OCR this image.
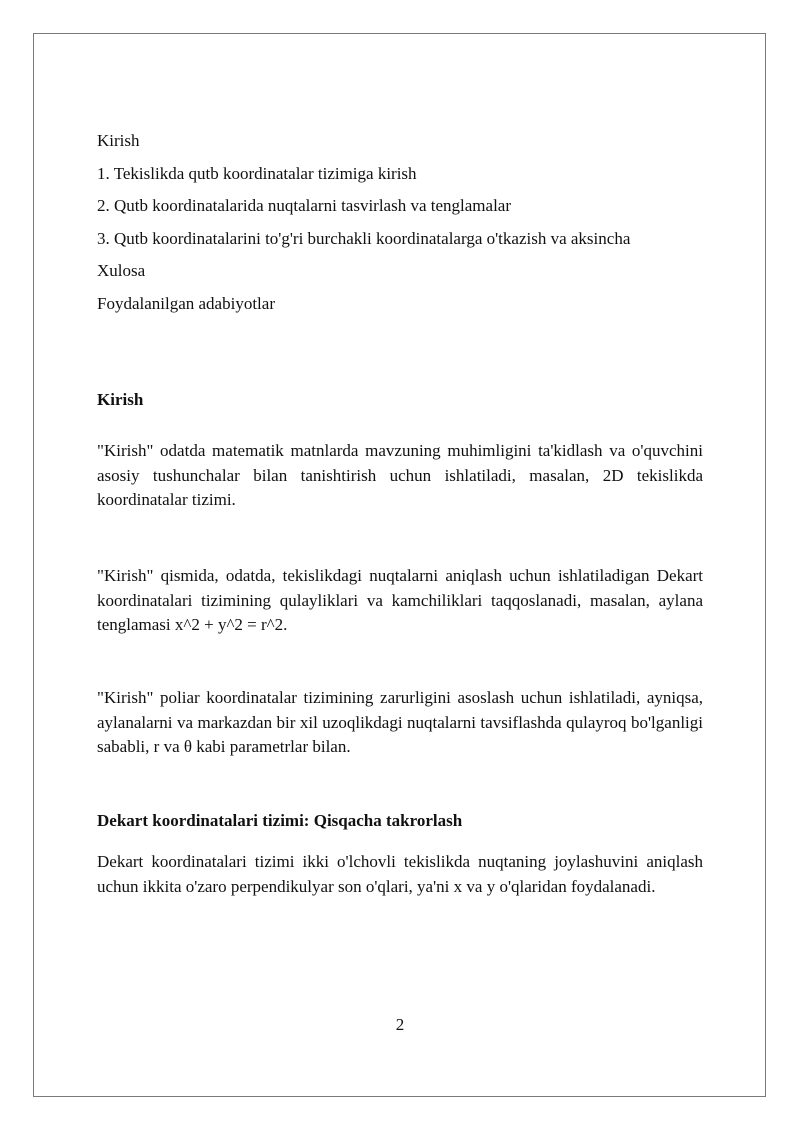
Kirish
1. Tekislikda qutb koordinatalar tizimiga kirish
2. Qutb koordinatalarida nuqtalarni tasvirlash va tenglamalar
3. Qutb koordinatalarini to'g'ri burchakli koordinatalarga o'tkazish va aksincha
Xulosa
Foydalanilgan adabiyotlar
Kirish

"Kirish" odatda matematik matnlarda mavzuning muhimligini ta'kidlash va o'quvchini asosiy tushunchalar bilan tanishtirish uchun ishlatiladi, masalan, 2D tekislikda koordinatalar tizimi.

"Kirish" qismida, odatda, tekislikdagi nuqtalarni aniqlash uchun ishlatiladigan Dekart koordinatalari tizimining qulayliklari va kamchiliklari taqqoslanadi, masalan, aylana tenglamasi x^2 + y^2 = r^2.

"Kirish" poliar koordinatalar tizimining zarurligini asoslash uchun ishlatiladi, ayniqsa, aylanalarni va markazdan bir xil uzoqlikdagi nuqtalarni tavsiflashda qulayroq bo'lganligi sababli, r va θ kabi parametrlar bilan.

Dekart koordinatalari tizimi: Qisqacha takrorlash

Dekart koordinatalari tizimi ikki o'lchovli tekislikda nuqtaning joylashuvini aniqlash uchun ikkita o'zaro perpendikulyar son o'qlari, ya'ni x va y o'qlaridan foydalanadi.

2
